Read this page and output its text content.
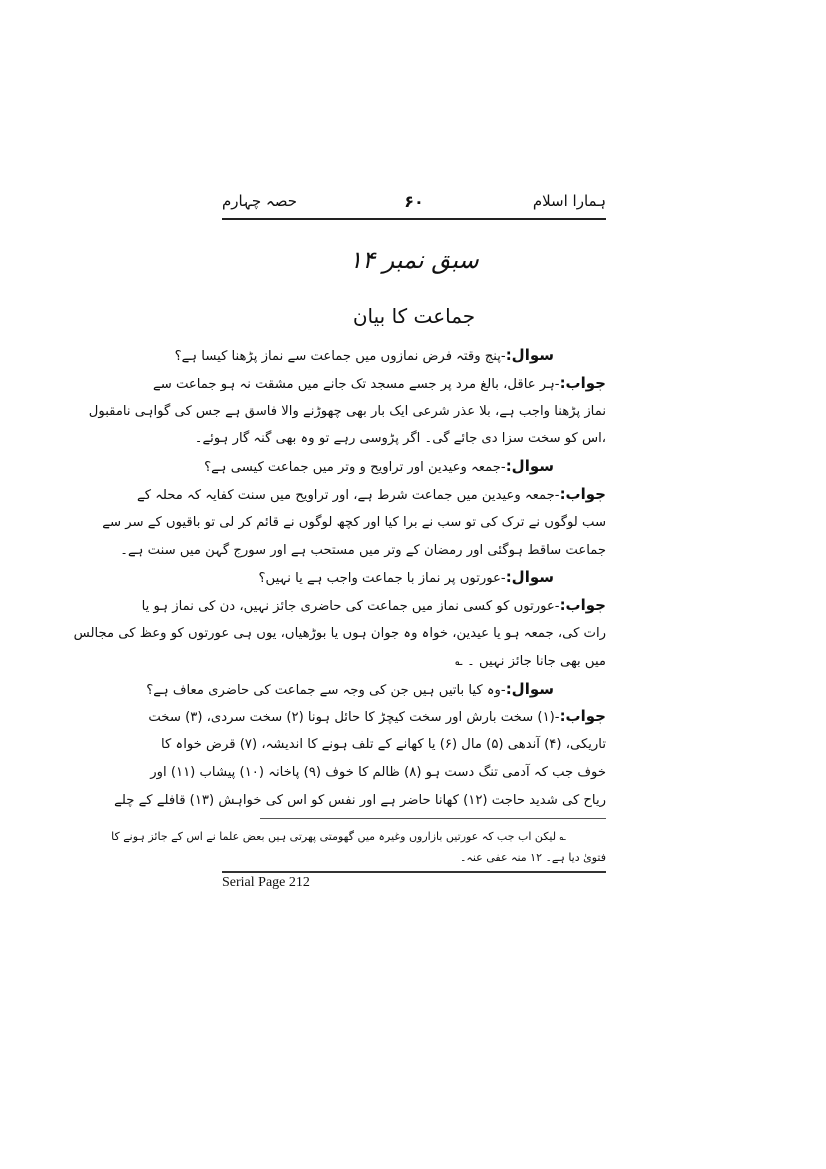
ہمارا اسلام
۶۰
حصہ چہارم
سبق نمبر ۱۴
جماعت کا بیان
سوال:-پنج وقتہ فرض نمازوں میں جماعت سے نماز پڑھنا کیسا ہے؟
جواب:-ہر عاقل، بالغ مرد پر جسے مسجد تک جانے میں مشقت نہ ہو جماعت سے
نماز پڑھنا واجب ہے، بلا عذر شرعی ایک بار بھی چھوڑنے والا فاسق ہے جس کی گواہی نامقبول
،اس کو سخت سزا دی جائے گی۔ اگر پڑوسی رہے تو وہ بھی گنہ گار ہوئے۔
سوال:-جمعہ وعیدین اور تراویح و وتر میں جماعت کیسی ہے؟
جواب:-جمعہ وعیدین میں جماعت شرط ہے، اور تراویح میں سنت کفایہ کہ محلہ کے
سب لوگوں نے ترک کی تو سب نے برا کیا اور کچھ لوگوں نے قائم کر لی تو باقیوں کے سر سے
جماعت ساقط ہوگئی اور رمضان کے وتر میں مستحب ہے اور سورج گہن میں سنت ہے۔
سوال:-عورتوں پر نماز با جماعت واجب ہے یا نہیں؟
جواب:-عورتوں کو کسی نماز میں جماعت کی حاضری جائز نہیں، دن کی نماز ہو یا
رات کی، جمعہ ہو یا عیدین، خواہ وہ جوان ہوں یا بوڑھیاں، یوں ہی عورتوں کو وعظ کی مجالس
میں بھی جانا جائز نہیں ۔ ؎
سوال:-وہ کیا باتیں ہیں جن کی وجہ سے جماعت کی حاضری معاف ہے؟
جواب:-(۱) سخت بارش اور سخت کیچڑ کا حائل ہونا (۲) سخت سردی، (۳) سخت
تاریکی، (۴) آندھی (۵) مال (۶) یا کھانے کے تلف ہونے کا اندیشہ، (۷) قرض خواہ کا
خوف جب کہ آدمی تنگ دست ہو (۸) ظالم کا خوف (۹) پاخانہ (۱۰) پیشاب (۱۱) اور
ریاح کی شدید حاجت (۱۲) کھانا حاضر ہے اور نفس کو اس کی خواہش (۱۳) قافلے کے چلے
؎ لیکن اب جب کہ عورتیں بازاروں وغیرہ میں گھومتی پھرتی ہیں بعض علما نے اس کے جائز ہونے کا
فتویٰ دیا ہے۔ ۱۲ منہ عفی عنہ۔
Serial Page 212
